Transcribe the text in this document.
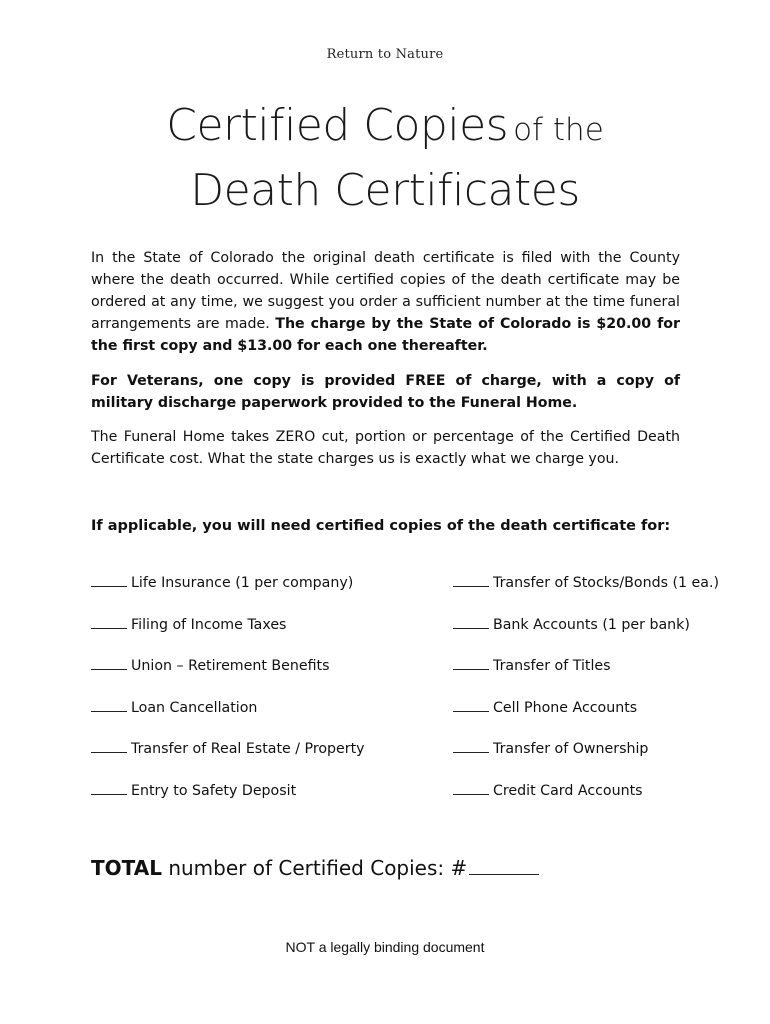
Return to Nature
Certified Copies of the
Death Certificates
In the State of Colorado the original death certificate is filed with the County where the death occurred. While certified copies of the death certificate may be ordered at any time, we suggest you order a sufficient number at the time funeral arrangements are made. The charge by the State of Colorado is $20.00 for the first copy and $13.00 for each one thereafter.
For Veterans, one copy is provided FREE of charge, with a copy of military discharge paperwork provided to the Funeral Home.
The Funeral Home takes ZERO cut, portion or percentage of the Certified Death Certificate cost. What the state charges us is exactly what we charge you.
If applicable, you will need certified copies of the death certificate for:
Life Insurance (1 per company)	Transfer of Stocks/Bonds (1 ea.)
Filing of Income Taxes	Bank Accounts (1 per bank)
Union – Retirement Benefits	Transfer of Titles
Loan Cancellation	Cell Phone Accounts
Transfer of Real Estate / Property	Transfer of Ownership
Entry to Safety Deposit	Credit Card Accounts
TOTAL number of Certified Copies: #
NOT a legally binding document
